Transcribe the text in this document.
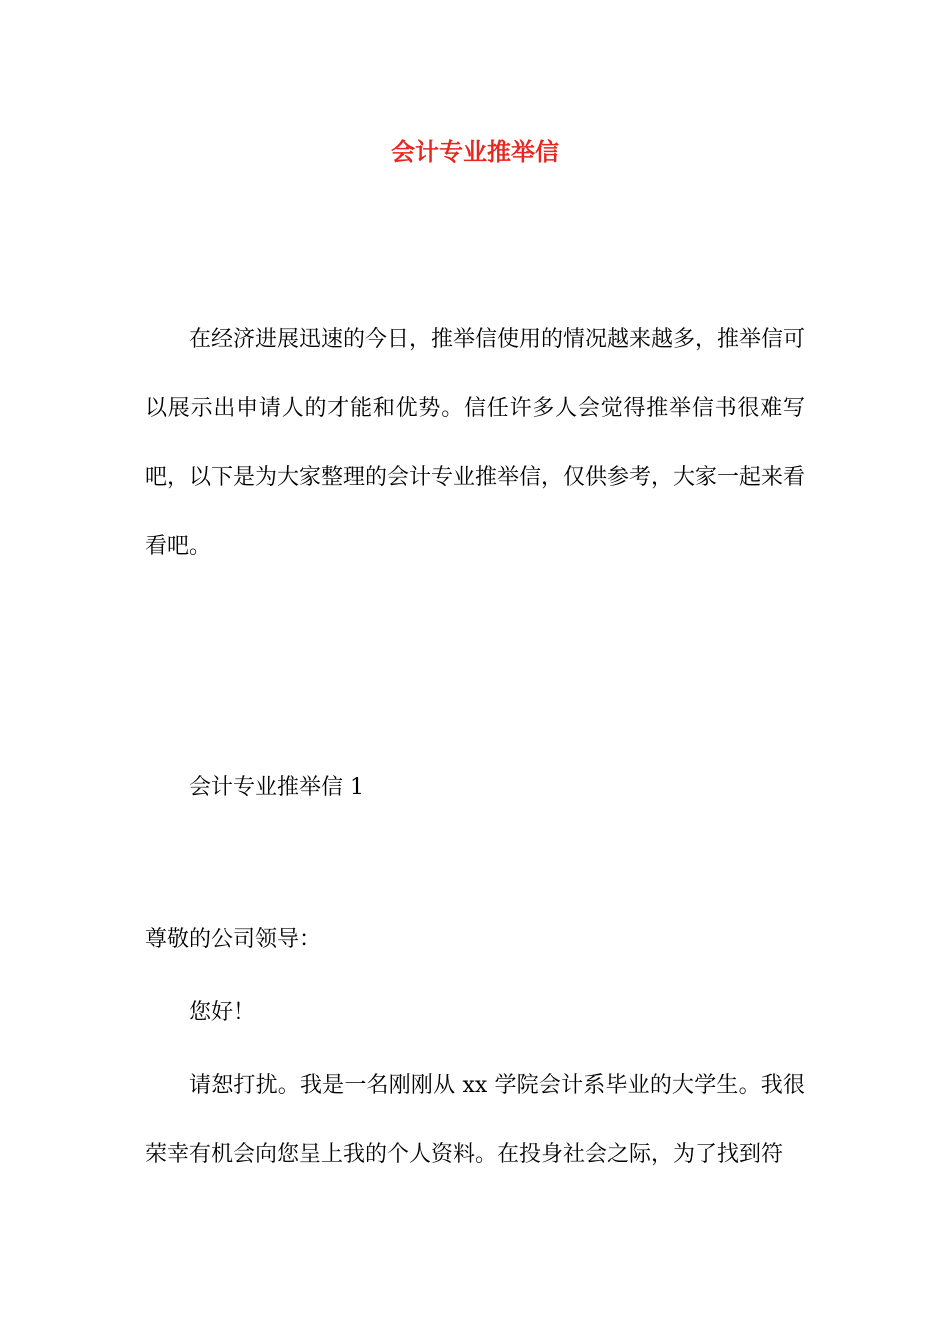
会计专业推举信

在经济进展迅速的今日，推举信使用的情况越来越多，推举信可以展示出申请人的才能和优势。信任许多人会觉得推举信书很难写吧，以下是为大家整理的会计专业推举信，仅供参考，大家一起来看看吧。

会计专业推举信 1

尊敬的公司领导：

您好！

请恕打扰。我是一名刚刚从 xx 学院会计系毕业的大学生。我很荣幸有机会向您呈上我的个人资料。在投身社会之际，为了找到符
